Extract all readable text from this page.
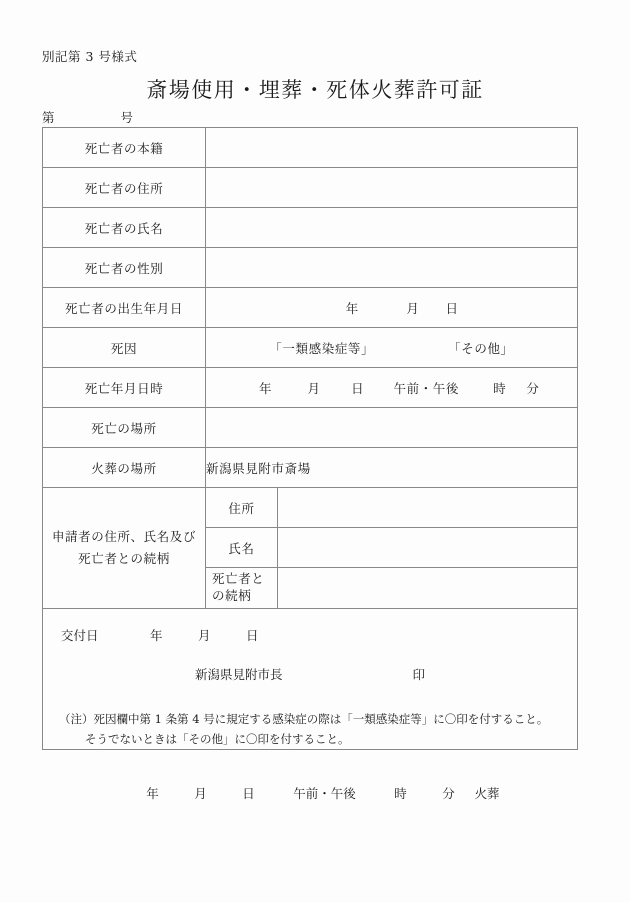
別記第 3 号様式
斎場使用・埋葬・死体火葬許可証
第	号
死亡者の本籍		
死亡者の住所		
死亡者の氏名		
死亡者の性別		
死亡者の出生年月日	年 月 日	
死因	「一類感染症等」 「その他」	

死亡年月日時	年 月 日 午前・午後 時 分	
死亡の場所		
火葬の場所	新潟県見附市斎場	

申請者の住所、氏名及び
死亡者との続柄	住所	
	氏名	

	死亡者と
の続柄	

交付日 年 月 日
新潟県見附市長 印
（注）死因欄中第 1 条第 4 号に規定する感染症の際は「一類感染症等」に〇印を付すること。
そうでないときは「その他」に〇印を付すること。		
年	月	日	午前・午後	時	分 火葬
